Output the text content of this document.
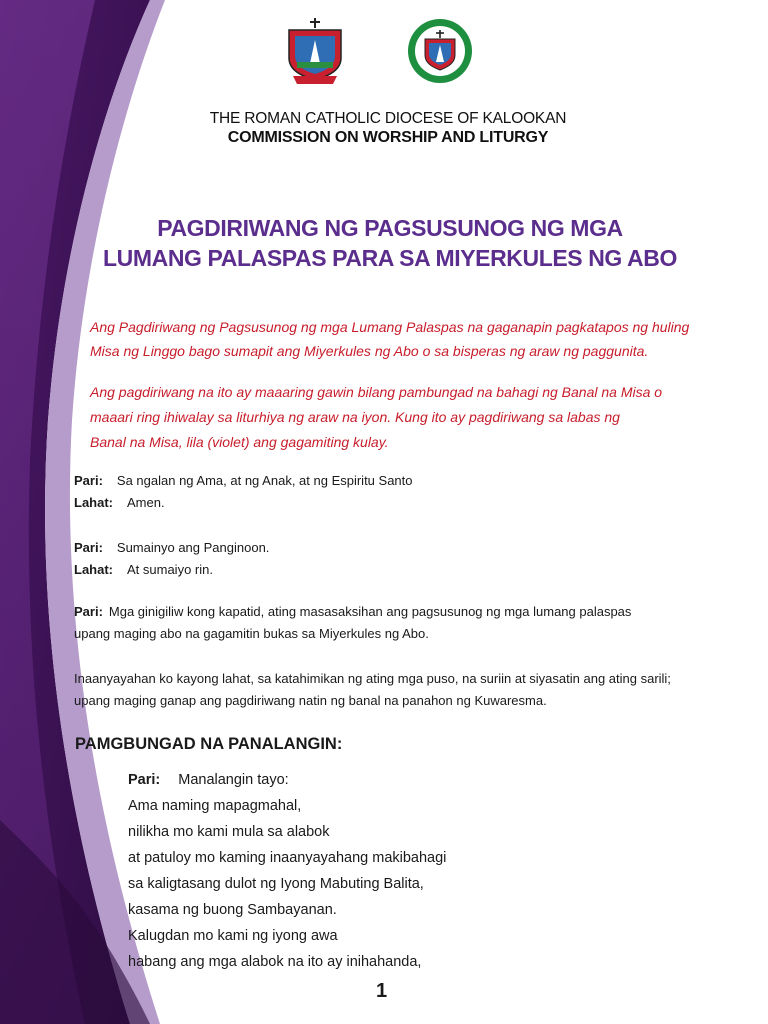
THE ROMAN CATHOLIC DIOCESE OF KALOOKAN
COMMISSION ON WORSHIP AND LITURGY
PAGDIRIWANG NG PAGSUSUNOG NG MGA
LUMANG PALASPAS PARA SA MIYERKULES NG ABO
Ang Pagdiriwang ng Pagsusunog ng mga Lumang Palaspas na gaganapin pagkatapos ng huling
Misa ng Linggo bago sumapit ang Miyerkules ng Abo o sa bisperas ng araw ng paggunita.
Ang pagdiriwang na ito ay maaaring gawin bilang pambungad na bahagi ng Banal na Misa o
maaari ring ihiwalay sa liturhiya ng araw na iyon. Kung ito ay pagdiriwang sa labas ng
Banal na Misa, lila (violet) ang gagamiting kulay.
Pari: Sa ngalan ng Ama, at ng Anak, at ng Espiritu Santo
Lahat: Amen.
Pari: Sumainyo ang Panginoon.
Lahat: At sumaiyo rin.
Pari: Mga ginigiliw kong kapatid, ating masasaksihan ang pagsusunog ng mga lumang palaspas
upang maging abo na gagamitin bukas sa Miyerkules ng Abo.
Inaanyayahan ko kayong lahat, sa katahimikan ng ating mga puso, na suriin at siyasatin ang ating sarili;
upang maging ganap ang pagdiriwang natin ng banal na panahon ng Kuwaresma.
PAMGBUNGAD NA PANALANGIN:
Pari: Manalangin tayo:
Ama naming mapagmahal,
nilikha mo kami mula sa alabok
at patuloy mo kaming inaanyayahang makibahagi
sa kaligtasang dulot ng Iyong Mabuting Balita,
kasama ng buong Sambayanan.
Kalugdan mo kami ng iyong awa
habang ang mga alabok na ito ay inihahanda,
1
